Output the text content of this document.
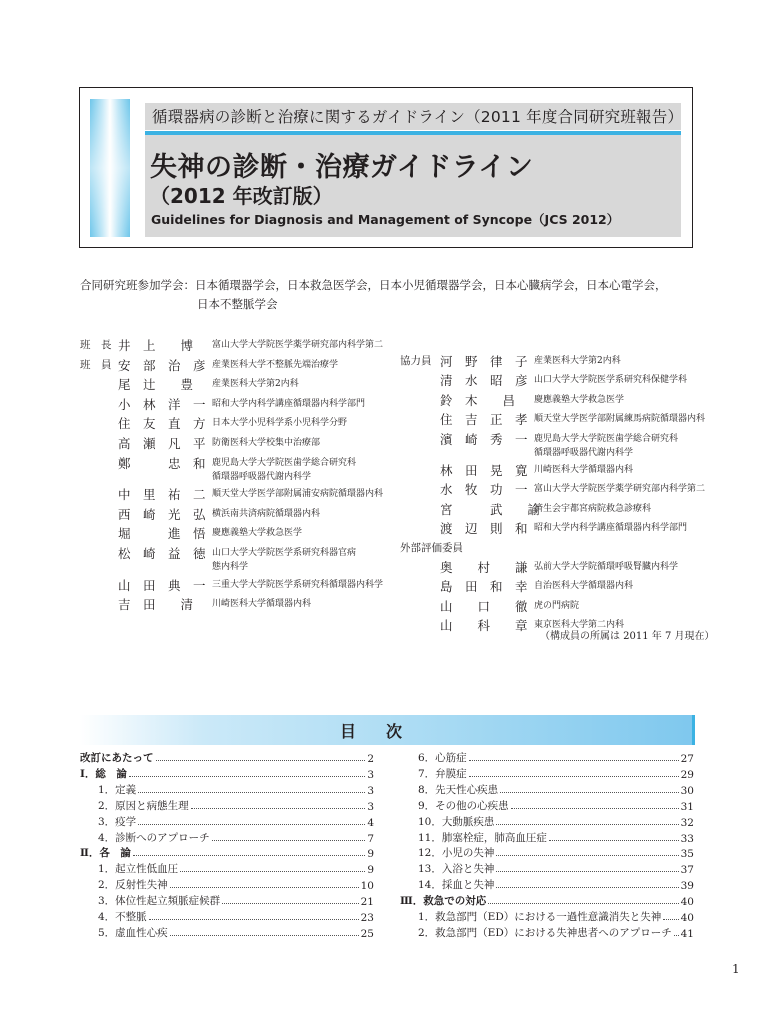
循環器病の診断と治療に関するガイドライン（2011 年度合同研究班報告）
失神の診断・治療ガイドライン
（2012 年改訂版）
Guidelines for Diagnosis and Management of Syncope（JCS 2012）
合同研究班参加学会：日本循環器学会，日本救急医学会，日本小児循環器学会，日本心臓病学会，日本心電学会，
日本不整脈学会
班　長 井　上　　博 富山大学大学院医学薬学研究部内科学第二
班　員 安　部　治　彦 産業医科大学不整脈先端治療学
尾　辻　　豊 産業医科大学第2内科
小　林　洋　一 昭和大学内科学講座循環器内科学部門
住　友　直　方 日本大学小児科学系小児科学分野
高　瀬　凡　平 防衛医科大学校集中治療部
鄭　　　忠　和 鹿児島大学大学院医歯学総合研究科
循環器呼吸器代謝内科学
中　里　祐　二 順天堂大学医学部附属浦安病院循環器内科
西　崎　光　弘 横浜南共済病院循環器内科
堀　　　進　悟 慶應義塾大学救急医学
松　崎　益　徳 山口大学大学院医学系研究科器官病
態内科学
山　田　典　一 三重大学大学院医学系研究科循環器内科学
吉　田　　清 川崎医科大学循環器内科
協力員 河　野　律　子 産業医科大学第2内科
清　水　昭　彦 山口大学大学院医学系研究科保健学科
鈴　木　　昌 慶應義塾大学救急医学
住　吉　正　孝 順天堂大学医学部附属練馬病院循環器内科
濱　崎　秀　一 鹿児島大学大学院医歯学総合研究科
循環器呼吸器代謝内科学
林　田　晃　寛 川崎医科大学循環器内科
水　牧　功　一 富山大学大学院医学薬学研究部内科学第二
宮　　　武　　諭
済生会宇都宮病院救急診療科
渡　辺　則　和 昭和大学内科学講座循環器内科学部門
外部評価委員
奥　　村　　謙 弘前大学大学院循環呼吸腎臓内科学
島　田　和　幸 自治医科大学循環器内科
山　　口　　徹 虎の門病院
山　　科　　章 東京医科大学第二内科
（構成員の所属は 2011 年 7 月現在）
目次
改訂にあたって	2
Ⅰ．総　論	3
1．定義	3
2．原因と病態生理	3
3．疫学	4
4．診断へのアプローチ	7
Ⅱ．各　論	9
1．起立性低血圧	9
2．反射性失神	10
3．体位性起立頻脈症候群	21
4．不整脈	23
5．虚血性心疾	25
6．心筋症	27
7．弁膜症	29
8．先天性心疾患	30
9．その他の心疾患	31
10．大動脈疾患	32
11．肺塞栓症，肺高血圧症	33
12．小児の失神	35
13．入浴と失神	37
14．採血と失神	39
Ⅲ．救急での対応	40
1．救急部門（ED）における一過性意識消失と失神 40
2．救急部門（ED）における失神患者へのアプローチ 41
1
